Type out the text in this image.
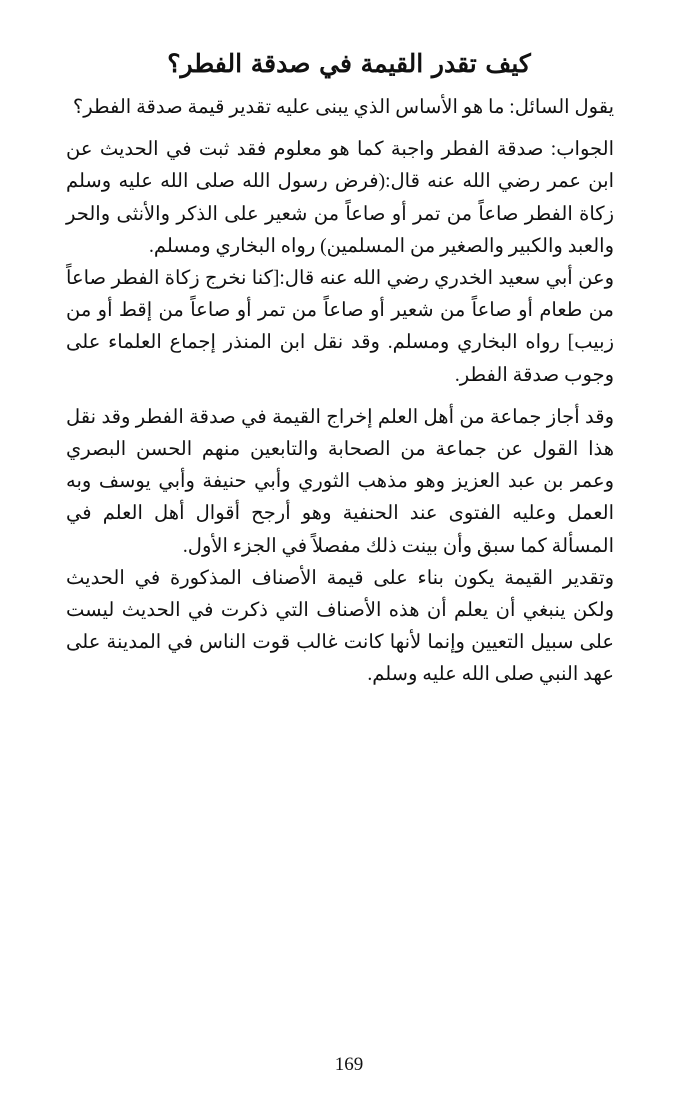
كيف تقدر القيمة في صدقة الفطر؟

يقول السائل: ما هو الأساس الذي يبنى عليه تقدير قيمة صدقة الفطر؟

الجواب: صدقة الفطر واجبة كما هو معلوم فقد ثبت في الحديث عن ابن عمر رضي الله عنه قال:(فرض رسول الله صلى الله عليه وسلم زكاة الفطر صاعاً من تمر أو صاعاً من شعير على الذكر والأنثى والحر والعبد والكبير والصغير من المسلمين) رواه البخاري ومسلم.

وعن أبي سعيد الخدري رضي الله عنه قال:[كنا نخرج زكاة الفطر صاعاً من طعام أو صاعاً من شعير أو صاعاً من تمر أو صاعاً من إقط أو من زبيب] رواه البخاري ومسلم. وقد نقل ابن المنذر إجماع العلماء على وجوب صدقة الفطر.

وقد أجاز جماعة من أهل العلم إخراج القيمة في صدقة الفطر وقد نقل هذا القول عن جماعة من الصحابة والتابعين منهم الحسن البصري وعمر بن عبد العزيز وهو مذهب الثوري وأبي حنيفة وأبي يوسف وبه العمل وعليه الفتوى عند الحنفية وهو أرجح أقوال أهل العلم في المسألة كما سبق وأن بينت ذلك مفصلاً في الجزء الأول.

وتقدير القيمة يكون بناء على قيمة الأصناف المذكورة في الحديث ولكن ينبغي أن يعلم أن هذه الأصناف التي ذكرت في الحديث ليست على سبيل التعيين وإنما لأنها كانت غالب قوت الناس في المدينة على عهد النبي صلى الله عليه وسلم.

169
